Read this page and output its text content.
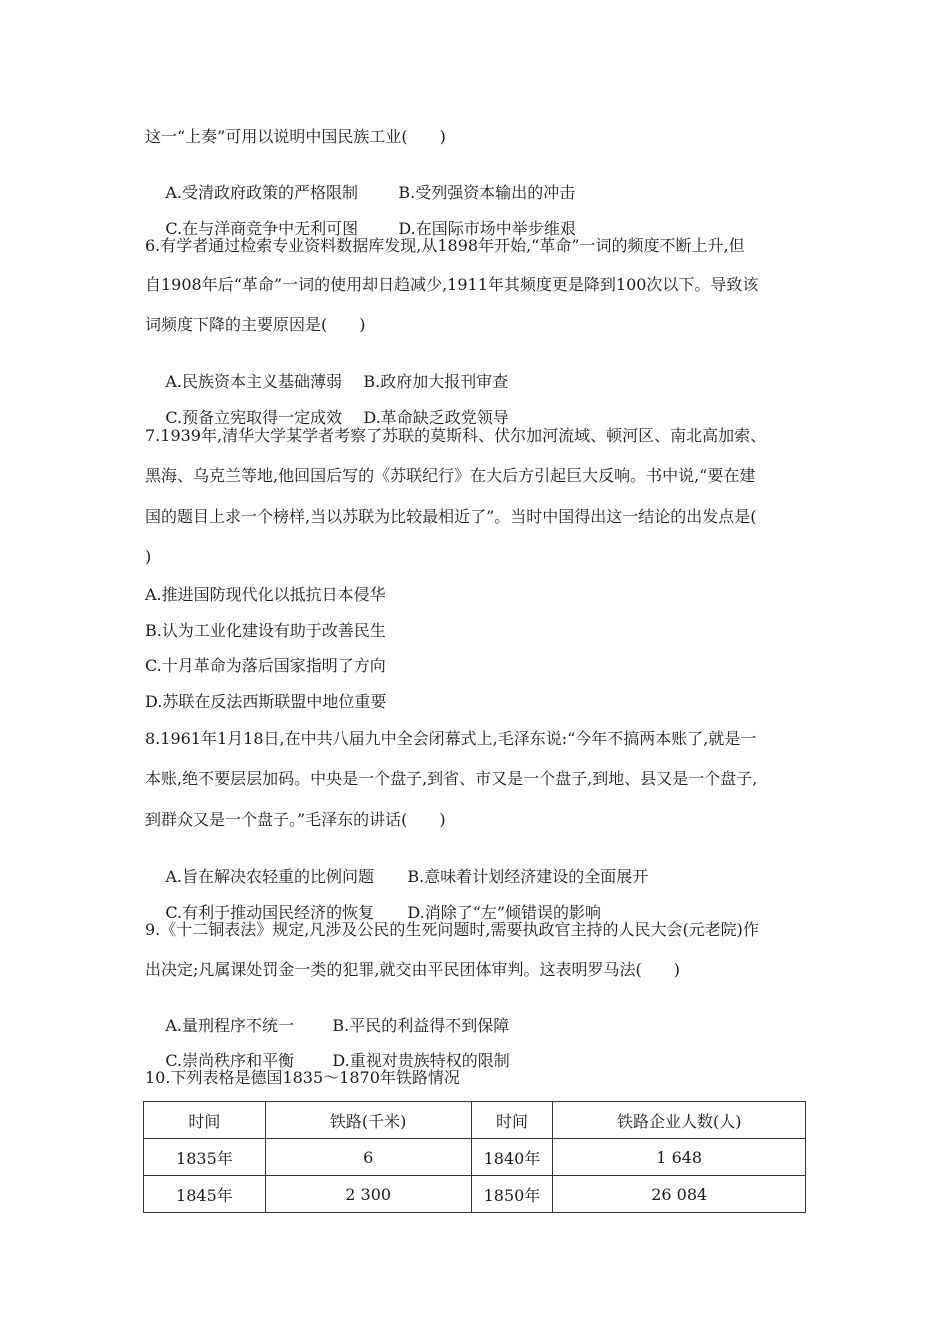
这一“上奏”可用以说明中国民族工业(　　)

A.受清政府政策的严格限制	B.受列强资本输出的冲击

C.在与洋商竞争中无利可图	D.在国际市场中举步维艰

6.有学者通过检索专业资料数据库发现,从1898年开始,“革命”一词的频度不断上升,但
自1908年后“革命”一词的使用却日趋减少,1911年其频度更是降到100次以下。导致该
词频度下降的主要原因是(　　)

A.民族资本主义基础薄弱 B.政府加大报刊审查

C.预备立宪取得一定成效 D.革命缺乏政党领导

7.1939年,清华大学某学者考察了苏联的莫斯科、伏尔加河流域、顿河区、南北高加索、
黑海、乌克兰等地,他回国后写的《苏联纪行》在大后方引起巨大反响。书中说,“要在建
国的题目上求一个榜样,当以苏联为比较最相近了”。当时中国得出这一结论的出发点是(
)
A.推进国防现代化以抵抗日本侵华
B.认为工业化建设有助于改善民生
C.十月革命为落后国家指明了方向
D.苏联在反法西斯联盟中地位重要
8.1961年1月18日,在中共八届九中全会闭幕式上,毛泽东说:“今年不搞两本账了,就是一
本账,绝不要层层加码。中央是一个盘子,到省、市又是一个盘子,到地、县又是一个盘子,
到群众又是一个盘子。”毛泽东的讲话(　　)

A.旨在解决农轻重的比例问题 B.意味着计划经济建设的全面展开

C.有利于推动国民经济的恢复 D.消除了“左”倾错误的影响

9.《十二铜表法》规定,凡涉及公民的生死问题时,需要执政官主持的人民大会(元老院)作
出决定;凡属课处罚金一类的犯罪,就交由平民团体审判。这表明罗马法(　　)

A.量刑程序不统一 B.平民的利益得不到保障

C.崇尚秩序和平衡 D.重视对贵族特权的限制

10.下列表格是德国1835～1870年铁路情况
时间	铁路(千米)	时间	铁路企业人数(人)
1835年	6	1840年	1 648
1845年	2 300	1850年	26 084
